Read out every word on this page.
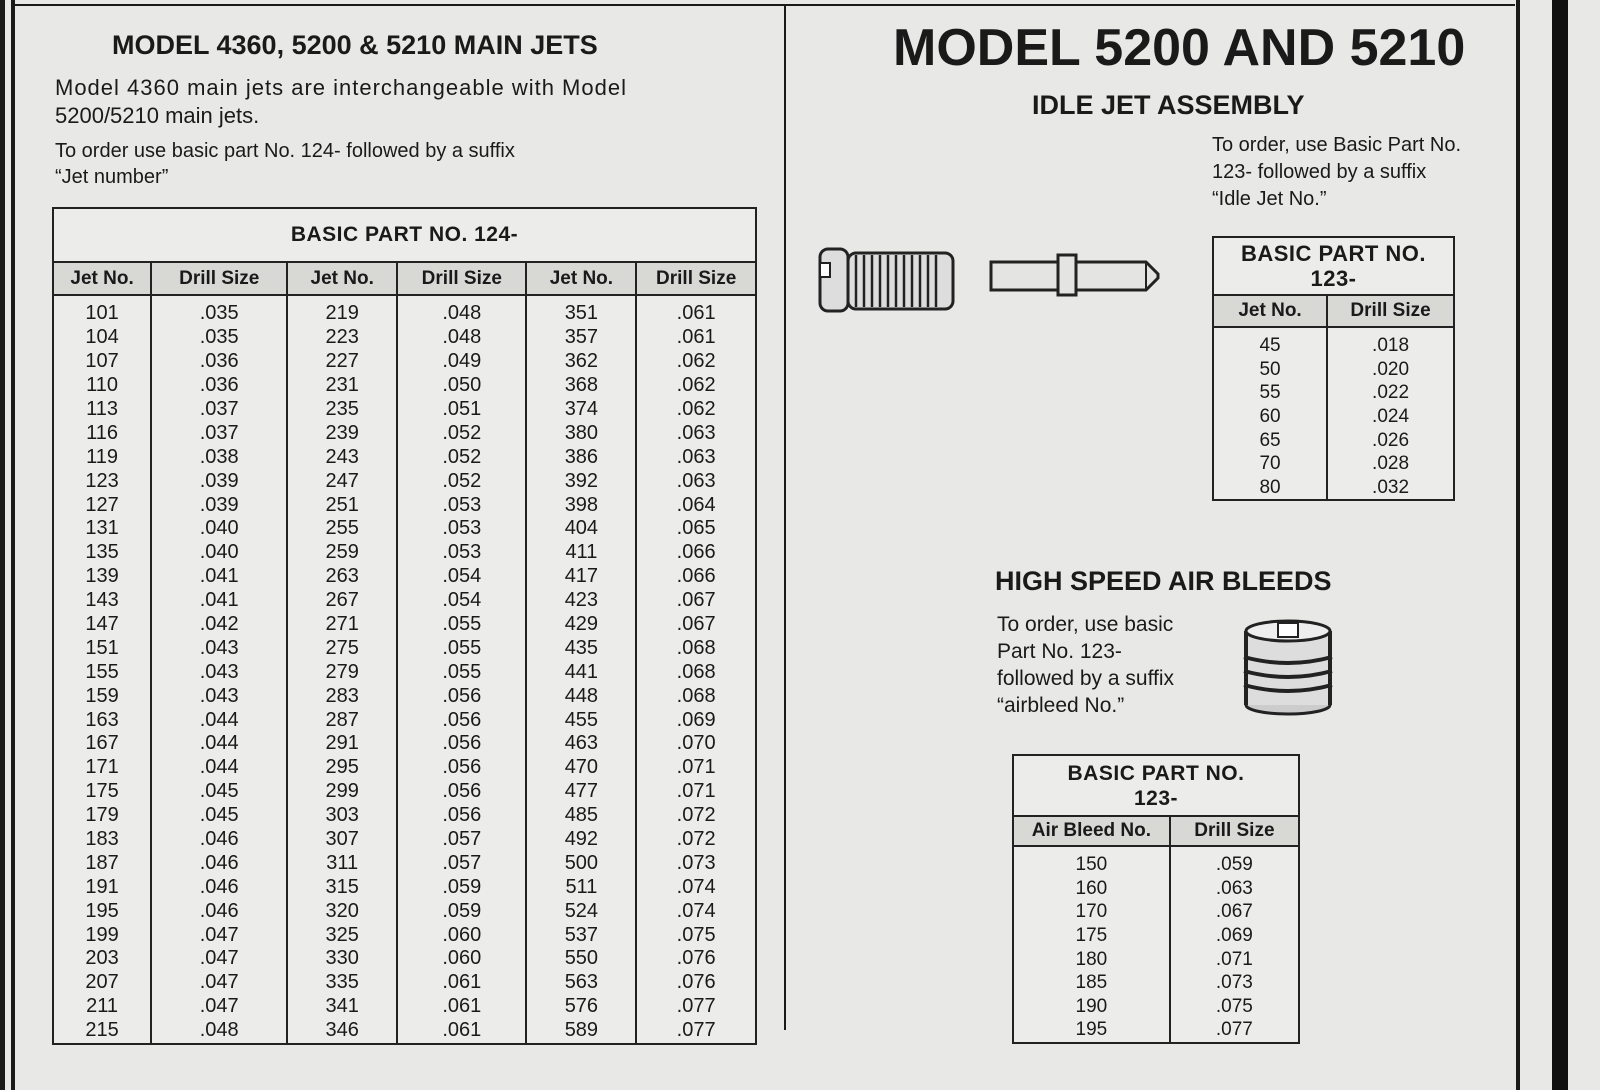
MODEL 4360, 5200 & 5210 MAIN JETS
Model 4360 main jets are interchangeable with Model
5200/5210 main jets.
To order use basic part No. 124- followed by a suffix
“Jet number”
BASIC PART NO. 124-					
Jet No.	Drill Size	Jet No.	Drill Size	Jet No.	Drill Size
101	.035	219	.048	351	.061
104	.035	223	.048	357	.061
107	.036	227	.049	362	.062
110	.036	231	.050	368	.062
113	.037	235	.051	374	.062
116	.037	239	.052	380	.063
119	.038	243	.052	386	.063
123	.039	247	.052	392	.063
127	.039	251	.053	398	.064
131	.040	255	.053	404	.065
135	.040	259	.053	411	.066
139	.041	263	.054	417	.066
143	.041	267	.054	423	.067
147	.042	271	.055	429	.067
151	.043	275	.055	435	.068
155	.043	279	.055	441	.068
159	.043	283	.056	448	.068
163	.044	287	.056	455	.069
167	.044	291	.056	463	.070
171	.044	295	.056	470	.071
175	.045	299	.056	477	.071
179	.045	303	.056	485	.072
183	.046	307	.057	492	.072
187	.046	311	.057	500	.073
191	.046	315	.059	511	.074
195	.046	320	.059	524	.074
199	.047	325	.060	537	.075
203	.047	330	.060	550	.076
207	.047	335	.061	563	.076
211	.047	341	.061	576	.077
215	.048	346	.061	589	.077
MODEL 5200 AND 5210
IDLE JET ASSEMBLY
To order, use Basic Part No.
123- followed by a suffix
“Idle Jet No.”
BASIC PART NO.
123-	

Jet No.	Drill Size
45	.018
50	.020
55	.022
60	.024
65	.026
70	.028
80	.032
HIGH SPEED AIR BLEEDS
To order, use basic
Part No. 123-
followed by a suffix
“airbleed No.”
BASIC PART NO.
123-	

Air Bleed No.	Drill Size
150	.059
160	.063
170	.067
175	.069
180	.071
185	.073
190	.075
195	.077
